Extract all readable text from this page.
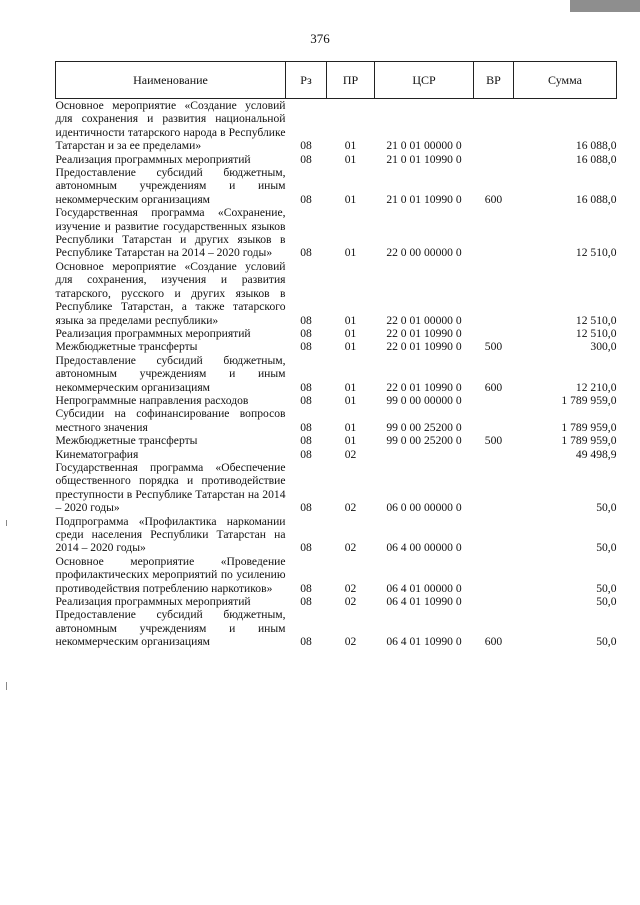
376
Наименование	Рз	ПР	ЦСР	ВР	Сумма
Основное мероприятие «Создание условий для сохранения и развития национальной идентичности татарского народа в Республике Татарстан и за ее пределами»	08	01	21 0 01 00000 0		16 088,0
Реализация программных мероприятий	08	01	21 0 01 10990 0		16 088,0
Предоставление субсидий бюджетным, автономным учреждениям и иным некоммерческим организациям	08	01	21 0 01 10990 0	600	16 088,0
Государственная программа «Сохранение, изучение и развитие государственных языков Республики Татарстан и других языков в Республике Татарстан на 2014 – 2020 годы»	08	01	22 0 00 00000 0		12 510,0
Основное мероприятие «Создание условий для сохранения, изучения и развития татарского, русского и других языков в Республике Татарстан, а также татарского языка за пределами республики»	08	01	22 0 01 00000 0		12 510,0
Реализация программных мероприятий	08	01	22 0 01 10990 0		12 510,0
Межбюджетные трансферты	08	01	22 0 01 10990 0	500	300,0
Предоставление субсидий бюджетным, автономным учреждениям и иным некоммерческим организациям	08	01	22 0 01 10990 0	600	12 210,0
Непрограммные направления расходов	08	01	99 0 00 00000 0		1 789 959,0
Субсидии на софинансирование вопросов местного значения	08	01	99 0 00 25200 0		1 789 959,0
Межбюджетные трансферты	08	01	99 0 00 25200 0	500	1 789 959,0
Кинематография	08	02			49 498,9
Государственная программа «Обеспечение общественного порядка и противодействие преступности в Республике Татарстан на 2014 – 2020 годы»	08	02	06 0 00 00000 0		50,0
Подпрограмма «Профилактика наркомании среди населения Республики Татарстан на 2014 – 2020 годы»	08	02	06 4 00 00000 0		50,0
Основное мероприятие «Проведение профилактических мероприятий по усилению противодействия потреблению наркотиков»	08	02	06 4 01 00000 0		50,0
Реализация программных мероприятий	08	02	06 4 01 10990 0		50,0
Предоставление субсидий бюджетным, автономным учреждениям и иным некоммерческим организациям	08	02	06 4 01 10990 0	600	50,0
